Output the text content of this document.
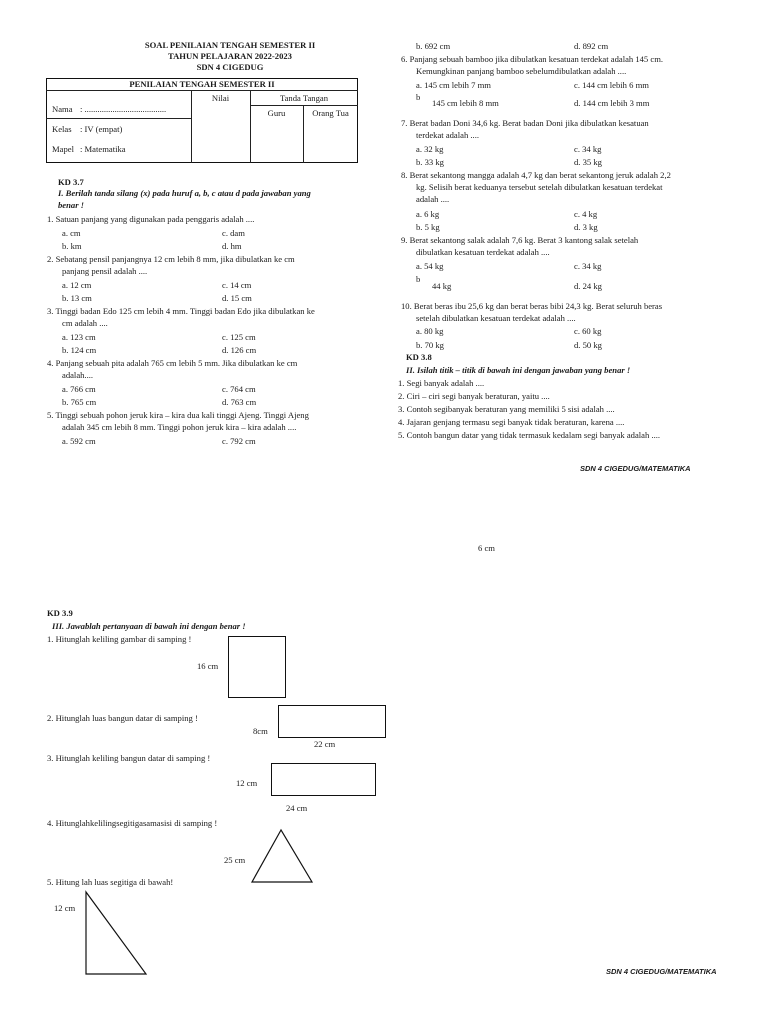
SOAL PENILAIAN TENGAH SEMESTER II
TAHUN PELAJARAN 2022-2023
SDN 4 CIGEDUG
PENILAIAN TENGAH SEMESTER II
Nama : ......................................
Kelas : IV (empat)
Mapel : Matematika
Nilai	Tanda Tangan
Guru	Orang Tua
KD 3.7
I. Berilah tanda silang (x) pada huruf a, b, c atau d pada jawaban yang
benar !
1. Satuan panjang yang digunakan pada penggaris adalah ....
a. cm	c. dam
b. km	d. hm
2. Sebatang pensil panjangnya 12 cm lebih 8 mm, jika dibulatkan ke cm
panjang pensil adalah ....
a. 12 cm	c. 14 cm
b. 13 cm	d. 15 cm
3. Tinggi badan Edo 125 cm lebih 4 mm. Tinggi badan Edo jika dibulatkan ke
cm adalah ....
a. 123 cm	c. 125 cm
b. 124 cm	d. 126 cm
4. Panjang sebuah pita adalah 765 cm lebih 5 mm. Jika dibulatkan ke cm
adalah....
a. 766 cm	c. 764 cm
b. 765 cm	d. 763 cm
5. Tinggi sebuah pohon jeruk kira – kira dua kali tinggi Ajeng. Tinggi Ajeng
adalah 345 cm lebih 8 mm. Tinggi pohon jeruk kira – kira adalah ....
a. 592 cm	c. 792 cm
b. 692 cm	d. 892 cm
6. Panjang sebuah bamboo jika dibulatkan kesatuan terdekat adalah 145 cm.
Kemungkinan panjang bamboo sebelumdibulatkan adalah ....
a. 145 cm lebih 7 mm	c. 144 cm lebih 6 mm
b
145 cm lebih 8 mm	d. 144 cm lebih 3 mm
7. Berat badan Doni 34,6 kg. Berat badan Doni jika dibulatkan kesatuan
terdekat adalah ....
a. 32 kg	c. 34 kg
b. 33 kg	d. 35 kg
8. Berat sekantong mangga adalah 4,7 kg dan berat sekantong jeruk adalah 2,2
kg. Selisih berat keduanya tersebut setelah dibulatkan kesatuan terdekat
adalah ....
a. 6 kg	c. 4 kg
b. 5 kg	d. 3 kg
9. Berat sekantong salak adalah 7,6 kg. Berat 3 kantong salak setelah
dibulatkan kesatuan terdekat adalah ....
a. 54 kg	c. 34 kg
b
44 kg	d. 24 kg
10. Berat beras ibu 25,6 kg dan berat beras bibi 24,3 kg. Berat seluruh beras
setelah dibulatkan kesatuan terdekat adalah ....
a. 80 kg	c. 60 kg
b. 70 kg	d. 50 kg
KD 3.8
II. Isilah titik – titik di bawah ini dengan jawaban yang benar !
1. Segi banyak adalah ....
2. Ciri – ciri segi banyak beraturan, yaitu ....
3. Contoh segibanyak beraturan yang memiliki 5 sisi adalah ....
4. Jajaran genjang termasu segi banyak tidak beraturan, karena ....
5. Contoh bangun datar yang tidak termasuk kedalam segi banyak adalah ....
SDN 4 CIGEDUG/MATEMATIKA
6 cm
KD 3.9
III. Jawablah pertanyaan di bawah ini dengan benar !
1. Hitunglah keliling gambar di samping !
16 cm
2. Hitunglah luas bangun datar di samping !
8cm
22 cm
3. Hitunglah keliling bangun datar di samping !
12 cm
24 cm
4. Hitunglahkelilingsegitigasamasisi di samping !
25 cm
5. Hitung lah luas segitiga di bawah!
12 cm
SDN 4 CIGEDUG/MATEMATIKA
